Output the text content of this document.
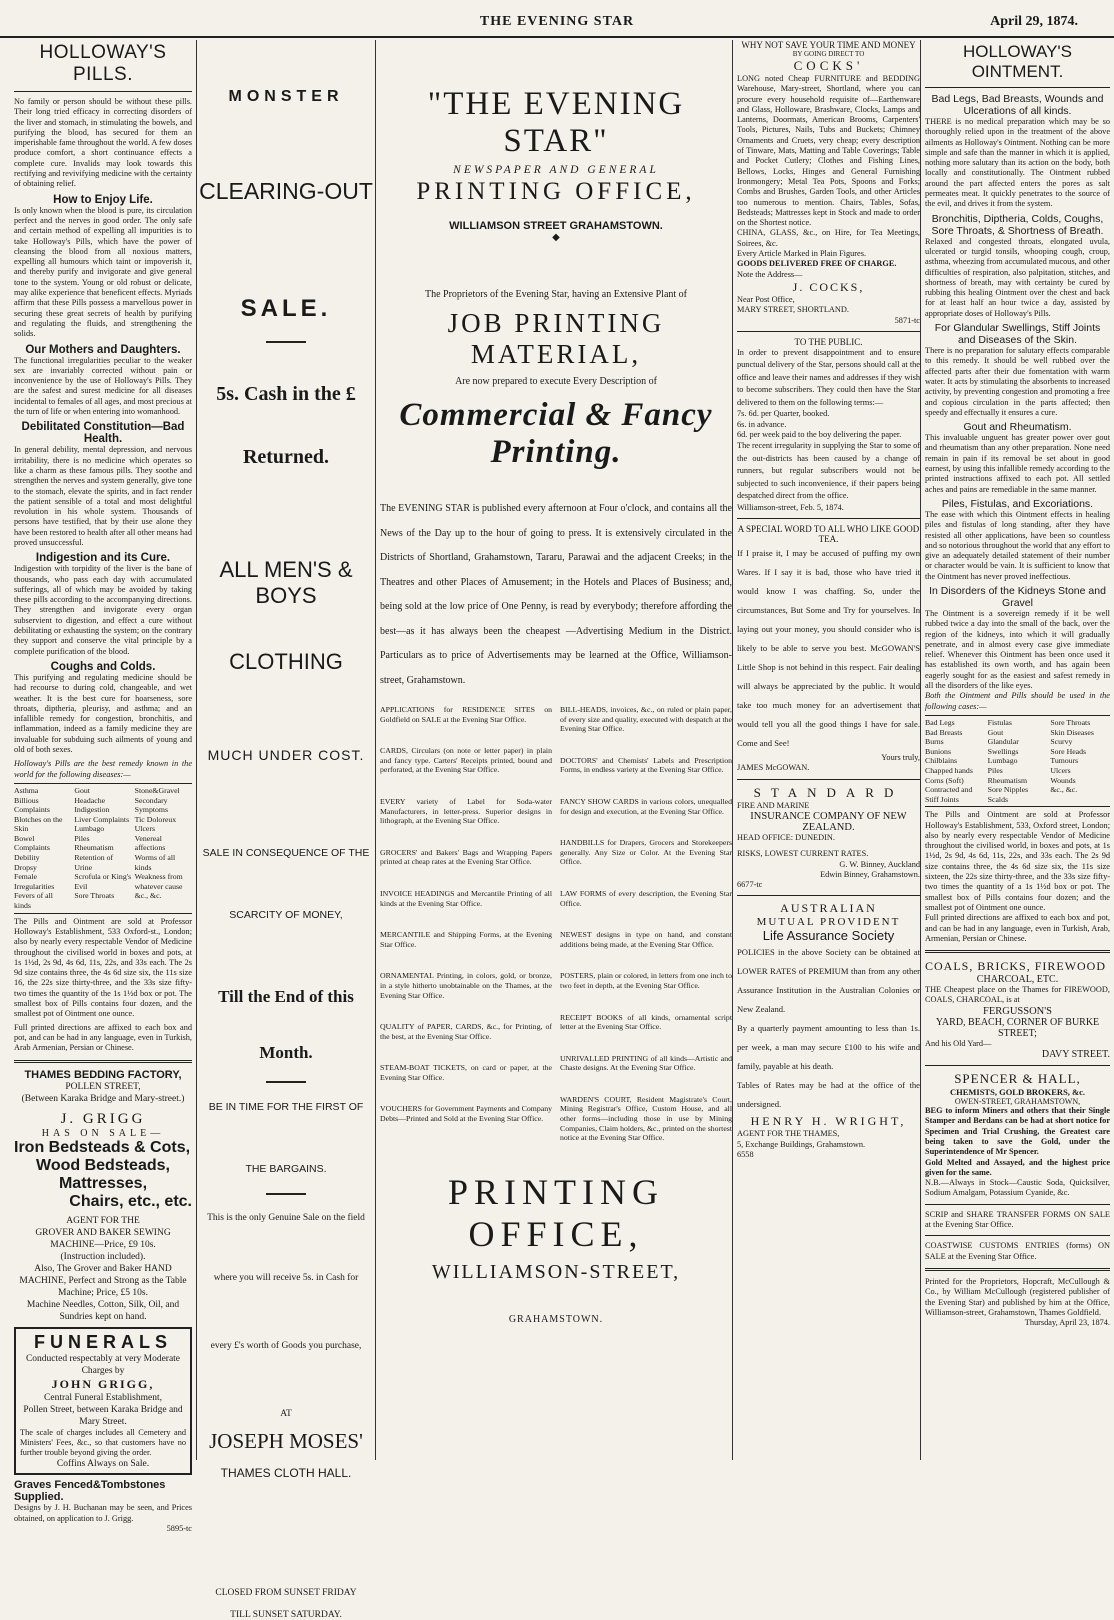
THE EVENING STAR	April 29, 1874.
HOLLOWAY'S PILLS.

No family or person should be without these pills. Their long tried efficacy in correcting disorders of the liver and stomach, in stimulating the bowels, and purifying the blood, has secured for them an imperishable fame throughout the world. A few doses produce comfort, a short continuance effects a complete cure. Invalids may look towards this rectifying and revivifying medicine with the certainty of obtaining relief.

How to Enjoy Life.

Is only known when the blood is pure, its circulation perfect and the nerves in good order. The only safe and certain method of expelling all impurities is to take Holloway's Pills, which have the power of cleansing the blood from all noxious matters, expelling all humours which taint or impoverish it, and thereby purify and invigorate and give general tone to the system. Young or old robust or delicate, may alike experience that beneficent effects. Myriads affirm that these Pills possess a marvellous power in securing these great secrets of health by purifying and regulating the fluids, and strengthening the solids.

Our Mothers and Daughters.

The functional irregularities peculiar to the weaker sex are invariably corrected without pain or inconvenience by the use of Holloway's Pills. They are the safest and surest medicine for all diseases incidental to females of all ages, and most precious at the turn of life or when entering into womanhood.

Debilitated Constitution—Bad Health.

In general debility, mental depression, and nervous irritability, there is no medicine which operates so like a charm as these famous pills. They soothe and strengthen the nerves and system generally, give tone to the stomach, elevate the spirits, and in fact render the patient sensible of a total and most delightful revolution in his whole system. Thousands of persons have testified, that by their use alone they have been restored to health after all other means had proved unsuccessful.

Indigestion and its Cure.

Indigestion with torpidity of the liver is the bane of thousands, who pass each day with accumulated sufferings, all of which may be avoided by taking these pills according to the accompanying directions. They strengthen and invigorate every organ subservient to digestion, and effect a cure without debilitating or exhausting the system; on the contrary they support and conserve the vital principle by a complete purification of the blood.

Coughs and Colds.

This purifying and regulating medicine should be had recourse to during cold, changeable, and wet weather. It is the best cure for hoarseness, sore throats, diptheria, pleurisy, and asthma; and an infallible remedy for congestion, bronchitis, and inflammation, indeed as a family medicine they are invaluable for subduing such ailments of young and old of both sexes.

Holloway's Pills are the best remedy known in the world for the following diseases:—

Asthma
Billious Complaints
Blotches on the Skin
Bowel Complaints
Debility
Dropsy
Female Irregularities
Fevers of all kinds
Gout
Headache
Indigestion
Liver Complaints
Lumbago
Piles
Rheumatism
Retention of Urine
Scrofula or King's Evil
Sore Throats
Stone&Gravel
Secondary Symptoms
Tic Doloreux
Ulcers
Venereal affections
Worms of all kinds
Weakness from whatever cause
&c., &c.

The Pills and Ointment are sold at Professor Holloway's Establishment, 533 Oxford-st., London; also by nearly every respectable Vendor of Medicine throughout the civilised world in boxes and pots, at 1s 1½d, 2s 9d, 4s 6d, 11s, 22s, and 33s each. The 2s 9d size contains three, the 4s 6d size six, the 11s size 16, the 22s size thirty-three, and the 33s size fifty-two times the quantity of the 1s 1½d box or pot. The smallest box of Pills contains four dozen, and the smallest pot of Ointment one ounce.

Full printed directions are affixed to each box and pot, and can be had in any language, even in Turkish, Arab Armenian, Persian or Chinese.

THAMES BEDDING FACTORY,
POLLEN STREET,
(Between Karaka Bridge and Mary-street.)
J. GRIGG
HAS ON SALE—
Iron Bedsteads & Cots,
Wood Bedsteads,
Mattresses,
Chairs, etc., etc.
AGENT FOR THE
GROVER AND BAKER SEWING MACHINE—Price, £9 10s.
(Instruction included).
Also, The Grover and Baker HAND MACHINE, Perfect and Strong as the Table Machine; Price, £5 10s.
Machine Needles, Cotton, Silk, Oil, and Sundries kept on hand.
FUNERALS
Conducted respectably at very Moderate Charges by
JOHN GRIGG,
Central Funeral Establishment,
Pollen Street, between Karaka Bridge and Mary Street.
The scale of charges includes all Cemetery and Ministers' Fees, &c., so that customers have no further trouble beyond giving the order.
Coffins Always on Sale.
Graves Fenced&Tombstones Supplied.
Designs by J. H. Buchanan may be seen, and Prices obtained, on application to J. Grigg.
5895-tc
MONSTER
CLEARING-OUT
SALE.
5s. Cash in the £
Returned.
ALL MEN'S & BOYS
CLOTHING
MUCH UNDER COST.
SALE IN CONSEQUENCE OF THE
SCARCITY OF MONEY,
Till the End of this
Month.
BE IN TIME FOR THE FIRST OF
THE BARGAINS.
This is the only Genuine Sale on the field
where you will receive 5s. in Cash for
every £'s worth of Goods you purchase,
AT
JOSEPH MOSES'
THAMES CLOTH HALL.
CLOSED FROM SUNSET FRIDAY
TILL SUNSET SATURDAY.
"THE EVENING STAR"
NEWSPAPER AND GENERAL
PRINTING OFFICE,
WILLIAMSON STREET GRAHAMSTOWN.
◆
The Proprietors of the Evening Star, having an Extensive Plant of
JOB PRINTING MATERIAL,
Are now prepared to execute Every Description of
Commercial & Fancy Printing.

The EVENING STAR is published every afternoon at Four o'clock, and contains all the News of the Day up to the hour of going to press. It is extensively circulated in the Districts of Shortland, Grahamstown, Tararu, Parawai and the adjacent Creeks; in the Theatres and other Places of Amusement; in the Hotels and Places of Business; and, being sold at the low price of One Penny, is read by everybody; therefore affording the best—as it has always been the cheapest —Advertising Medium in the District. Particulars as to price of Advertisements may be learned at the Office, Williamson-street, Grahamstown.

APPLICATIONS for RESIDENCE SITES on Goldfield on SALE at the Evening Star Office.

CARDS, Circulars (on note or letter paper) in plain and fancy type. Carters' Receipts printed, bound and perforated, at the Evening Star Office.

EVERY variety of Label for Soda-water Manufacturers, in letter-press. Superior designs in lithograph, at the Evening Star Office.

GROCERS' and Bakers' Bags and Wrapping Papers printed at cheap rates at the Evening Star Office.

INVOICE HEADINGS and Mercantile Printing of all kinds at the Evening Star Office.

MERCANTILE and Shipping Forms, at the Evening Star Office.

ORNAMENTAL Printing, in colors, gold, or bronze, in a style hitherto unobtainable on the Thames, at the Evening Star Office.

QUALITY of PAPER, CARDS, &c., for Printing, of the best, at the Evening Star Office.

STEAM-BOAT TICKETS, on card or paper, at the Evening Star Office.

VOUCHERS for Government Payments and Company Debts—Printed and Sold at the Evening Star Office.

BILL-HEADS, invoices, &c., on ruled or plain paper, of every size and quality, executed with despatch at the Evening Star Office.

DOCTORS' and Chemists' Labels and Prescription Forms, in endless variety at the Evening Star Office.

FANCY SHOW CARDS in various colors, unequalled for design and execution, at the Evening Star Office.

HANDBILLS for Drapers, Grocers and Storekeepers generally. Any Size or Color. At the Evening Star Office.

LAW FORMS of every description, the Evening Star Office.

NEWEST designs in type on hand, and constant additions being made, at the Evening Star Office.

POSTERS, plain or colored, in letters from one inch to two feet in depth, at the Evening Star Office.

RECEIPT BOOKS of all kinds, ornamental script letter at the Evening Star Office.

UNRIVALLED PRINTING of all kinds—Artistic and Chaste designs. At the Evening Star Office.

WARDEN'S COURT, Resident Magistrate's Court, Mining Registrar's Office, Custom House, and all other forms—including those in use by Mining Companies, Claim holders, &c., printed on the shortest notice at the Evening Star Office.

PRINTING OFFICE,
WILLIAMSON-STREET,
GRAHAMSTOWN.
WHY NOT SAVE YOUR TIME AND MONEY
BY GOING DIRECT TO
COCKS'

LONG noted Cheap FURNITURE and BEDDING Warehouse, Mary-street, Shortland, where you can procure every household requisite of—Earthenware and Glass, Holloware, Brashware, Clocks, Lamps and Lanterns, Doormats, American Brooms, Carpenters' Tools, Pictures, Nails, Tubs and Buckets; Chimney Ornaments and Cruets, very cheap; every description of Tinware, Mats, Matting and Table Coverings; Table and Pocket Cutlery; Clothes and Fishing Lines, Bellows, Locks, Hinges and General Furnishing Ironmongery; Metal Tea Pots, Spoons and Forks; Combs and Brushes, Garden Tools, and other Articles too numerous to mention. Chairs, Tables, Sofas, Bedsteads; Mattresses kept in Stock and made to order on the Shortest notice.

CHINA, GLASS, &c., on Hire, for Tea Meetings, Soirees, &c.

Every Article Marked in Plain Figures.

GOODS DELIVERED FREE OF CHARGE.

Note the Address—

J. COCKS,
Near Post Office,
MARY STREET, SHORTLAND.
5871-tc
TO THE PUBLIC.

In order to prevent disappointment and to ensure punctual delivery of the Star, persons should call at the office and leave their names and addresses if they wish to become subscribers. They could then have the Star delivered to them on the following terms:—

7s. 6d. per Quarter, booked.

6s. in advance.

6d. per week paid to the boy delivering the paper.

The recent irregularity in supplying the Star to some of the out-districts has been caused by a change of runners, but regular subscribers would not be subjected to such inconvenience, if their papers being despatched direct from the office.

Williamson-street, Feb. 5, 1874.

A SPECIAL WORD TO ALL WHO LIKE GOOD TEA.

If I praise it, I may be accused of puffing my own Wares. If I say it is bad, those who have tried it would know I was chaffing. So, under the circumstances, But Some and Try for yourselves. In laying out your money, you should consider who is likely to be able to serve you best. McGOWAN'S Little Shop is not behind in this respect. Fair dealing will always be appreciated by the public. It would take too much money for an advertisement that would tell you all the good things I have for sale. Come and See!

Yours truly,

JAMES McGOWAN.

STANDARD
FIRE AND MARINE
INSURANCE COMPANY OF NEW ZEALAND.
HEAD OFFICE: DUNEDIN.
RISKS, LOWEST CURRENT RATES.
G. W. Binney, Auckland
Edwin Binney, Grahamstown.
6677-tc
AUSTRALIAN
MUTUAL PROVIDENT
Life Assurance Society

POLICIES in the above Society can be obtained at LOWER RATES of PREMIUM than from any other Assurance Institution in the Australian Colonies or New Zealand.

By a quarterly payment amounting to less than 1s. per week, a man may secure £100 to his wife and family, payable at his death.

Tables of Rates may be had at the office of the undersigned.

HENRY H. WRIGHT,
AGENT FOR THE THAMES,
5, Exchange Buildings, Grahamstown.
6558
HOLLOWAY'S OINTMENT.
Bad Legs, Bad Breasts, Wounds and Ulcerations of all kinds.

THERE is no medical preparation which may be so thoroughly relied upon in the treatment of the above ailments as Holloway's Ointment. Nothing can be more simple and safe than the manner in which it is applied, nothing more salutary than its action on the body, both locally and constitutionally. The Ointment rubbed around the part affected enters the pores as salt permeates meat. It quickly penetrates to the source of the evil, and drives it from the system.

Bronchitis, Diptheria, Colds, Coughs, Sore Throats, & Shortness of Breath.

Relaxed and congested throats, elongated uvula, ulcerated or turgid tonsils, whooping cough, croup, asthma, wheezing from accumulated mucous, and other difficulties of respiration, also palpitation, stitches, and shortness of breath, may with certainty be cured by rubbing this healing Ointment over the chest and back for at least half an hour twice a day, assisted by appropriate doses of Holloway's Pills.

For Glandular Swellings, Stiff Joints and Diseases of the Skin.

There is no preparation for salutary effects comparable to this remedy. It should be well rubbed over the affected parts after their due fomentation with warm water. It acts by stimulating the absorbents to increased activity, by preventing congestion and promoting a free and copious circulation in the parts affected; then speedy and effectually it ensures a cure.

Gout and Rheumatism.

This invaluable unguent has greater power over gout and rheumatism than any other preparation. None need remain in pain if its removal be set about in good earnest, by using this infallible remedy according to the printed instructions affixed to each pot. All settled aches and pains are remediable in the same manner.

Piles, Fistulas, and Excoriations.

The ease with which this Ointment effects in healing piles and fistulas of long standing, after they have resisted all other applications, have been so countless and so notorious throughout the world that any effort to give an adequately detailed statement of their number or character would be vain. It is sufficient to know that the Ointment has never proved ineffectious.

In Disorders of the Kidneys Stone and Gravel

The Ointment is a sovereign remedy if it be well rubbed twice a day into the small of the back, over the region of the kidneys, into which it will gradually penetrate, and in almost every case give immediate relief. Whenever this Ointment has been once used it has established its own worth, and has again been eagerly sought for as the easiest and safest remedy in all the disorders of the like eyes.

Both the Ointment and Pills should be used in the following cases:—

Bad Legs
Bad Breasts
Burns
Bunions
Chilblains
Chapped hands
Corns (Soft)
Contracted and Stiff Joints
Fistulas
Gout
Glandular Swellings
Lumbago
Piles
Rheumatism
Sore Nipples
Scalds
Sore Throats
Skin Diseases
Scurvy
Sore Heads
Tumours
Ulcers
Wounds
&c., &c.

The Pills and Ointment are sold at Professor Holloway's Establishment, 533, Oxford street, London; also by nearly every respectable Vendor of Medicine throughout the civilised world, in boxes and pots, at 1s 1½d, 2s 9d, 4s 6d, 11s, 22s, and 33s each. The 2s 9d size contains three, the 4s 6d size six, the 11s size sixteen, the 22s size thirty-three, and the 33s size fifty-two times the quantity of a 1s 1½d box or pot. The smallest box of Pills contains four dozen; and the smallest pot of Ointment one ounce.

Full printed directions are affixed to each box and pot, and can be had in any language, even in Turkish, Arab, Armenian, Persian or Chinese.

COALS, BRICKS, FIREWOOD
CHARCOAL, ETC.

THE Cheapest place on the Thames for FIREWOOD, COALS, CHARCOAL, is at

FERGUSSON'S
YARD, BEACH, CORNER OF BURKE STREET;

And his Old Yard—

DAVY STREET.
SPENCER & HALL,
CHEMISTS, GOLD BROKERS, &c.
OWEN-STREET, GRAHAMSTOWN,

BEG to inform Miners and others that their Single Stamper and Berdans can be had at short notice for Specimen and Trial Crushing, the Greatest care being taken to save the Gold, under the Superintendence of Mr Spencer.

Gold Melted and Assayed, and the highest price given for the same.

N.B.—Always in Stock—Caustic Soda, Quicksilver, Sodium Amalgam, Potassium Cyanide, &c.

SCRIP and SHARE TRANSFER FORMS ON SALE at the Evening Star Office.

COASTWISE CUSTOMS ENTRIES (forms) ON SALE at the Evening Star Office.

Printed for the Proprietors, Hopcraft, McCullough & Co., by William McCullough (registered publisher of the Evening Star) and published by him at the Office, Williamson-street, Grahamstown, Thames Goldfield.

Thursday, April 23, 1874.
